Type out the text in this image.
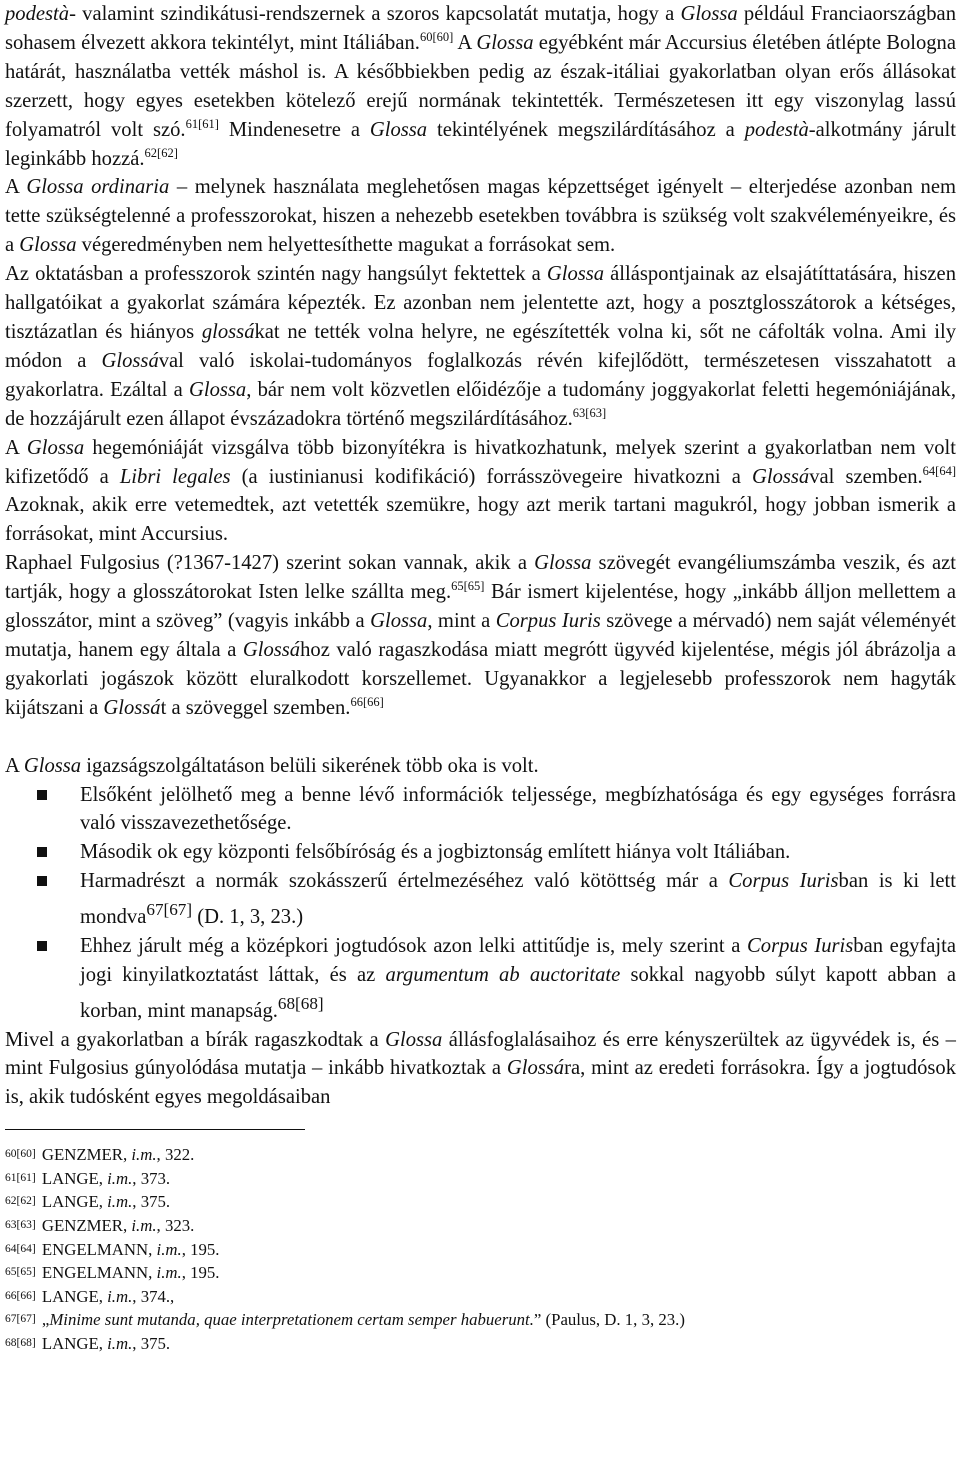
podestà- valamint szindikátusi-rendszernek a szoros kapcsolatát mutatja, hogy a Glossa például Franciaországban sohasem élvezett akkora tekintélyt, mint Itáliában.$^{60[60]}$ A Glossa egyébként már Accursius életében átlépte Bologna határát, használatba vették máshol is. A későbbiekben pedig az észak-itáliai gyakorlatban olyan erős állásokat szerzett, hogy egyes esetekben kötelező erejű normának tekintették. Természetesen itt egy viszonylag lassú folyamatról volt szó.$^{61[61]}$ Mindenesetre a Glossa tekintélyének megszilárdításához a podestà-alkotmány járult leginkább hozzá.$^{62[62]}$

A Glossa ordinaria – melynek használata meglehetősen magas képzettséget igényelt – elterjedése azonban nem tette szükségtelenné a professzorokat, hiszen a nehezebb esetekben továbbra is szükség volt szakvéleményeikre, és a Glossa végeredményben nem helyettesíthette magukat a forrásokat sem.

Az oktatásban a professzorok szintén nagy hangsúlyt fektettek a Glossa álláspontjainak az elsajátíttatására, hiszen hallgatóikat a gyakorlat számára képezték. Ez azonban nem jelentette azt, hogy a posztglosszátorok a kétséges, tisztázatlan és hiányos glossákat ne tették volna helyre, ne egészítették volna ki, sőt ne cáfolták volna. Ami ily módon a Glossával való iskolai-tudományos foglalkozás révén kifejlődött, természetesen visszahatott a gyakorlatra. Ezáltal a Glossa, bár nem volt közvetlen előidézője a tudomány joggyakorlat feletti hegemóniájának, de hozzájárult ezen állapot évszázadokra történő megszilárdításához.$^{63[63]}$

A Glossa hegemóniáját vizsgálva több bizonyítékra is hivatkozhatunk, melyek szerint a gyakorlatban nem volt kifizetődő a Libri legales (a iustinianusi kodifikáció) forrásszövegeire hivatkozni a Glossával szemben.$^{64[64]}$ Azoknak, akik erre vetemedtek, azt vetették szemükre, hogy azt merik tartani magukról, hogy jobban ismerik a forrásokat, mint Accursius.

Raphael Fulgosius (?1367-1427) szerint sokan vannak, akik a Glossa szövegét evangéliumszámba veszik, és azt tartják, hogy a glosszátorokat Isten lelke szállta meg.$^{65[65]}$ Bár ismert kijelentése, hogy „inkább álljon mellettem a glosszátor, mint a szöveg” (vagyis inkább a Glossa, mint a Corpus Iuris szövege a mérvadó) nem saját véleményét mutatja, hanem egy általa a Glossához való ragaszkodása miatt megrótt ügyvéd kijelentése, mégis jól ábrázolja a gyakorlati jogászok között eluralkodott korszellemet. Ugyanakkor a legjelesebb professzorok nem hagyták kijátszani a Glossát a szöveggel szemben.$^{66[66]}$

A Glossa igazságszolgáltatáson belüli sikerének több oka is volt.

Elsőként jelölhető meg a benne lévő információk teljessége, megbízhatósága és egy egységes forrásra való visszavezethetősége.
Második ok egy központi felsőbíróság és a jogbiztonság említett hiánya volt Itáliában.
Harmadrészt a normák szokásszerű értelmezéséhez való kötöttség már a Corpus Iurisban is ki lett mondva$^{67[67]}$ (D. 1, 3, 23.)
Ehhez járult még a középkori jogtudósok azon lelki attitűdje is, mely szerint a Corpus Iurisban egyfajta jogi kinyilatkoztatást láttak, és az argumentum ab auctoritate sokkal nagyobb súlyt kapott abban a korban, mint manapság.$^{68[68]}$

Mivel a gyakorlatban a bírák ragaszkodtak a Glossa állásfoglalásaihoz és erre kényszerültek az ügyvédek is, és – mint Fulgosius gúnyolódása mutatja – inkább hivatkoztak a Glossára, mint az eredeti forrásokra. Így a jogtudósok is, akik tudósként egyes megoldásaiban

$^{60[60]}$ GENZMER, i.m., 322.

$^{61[61]}$ LANGE, i.m., 373.

$^{62[62]}$ LANGE, i.m., 375.

$^{63[63]}$ GENZMER, i.m., 323.

$^{64[64]}$ ENGELMANN, i.m., 195.

$^{65[65]}$ ENGELMANN, i.m., 195.

$^{66[66]}$ LANGE, i.m., 374.,

$^{67[67]}$ „Minime sunt mutanda, quae interpretationem certam semper habuerunt.” (Paulus, D. 1, 3, 23.)

$^{68[68]}$ LANGE, i.m., 375.
